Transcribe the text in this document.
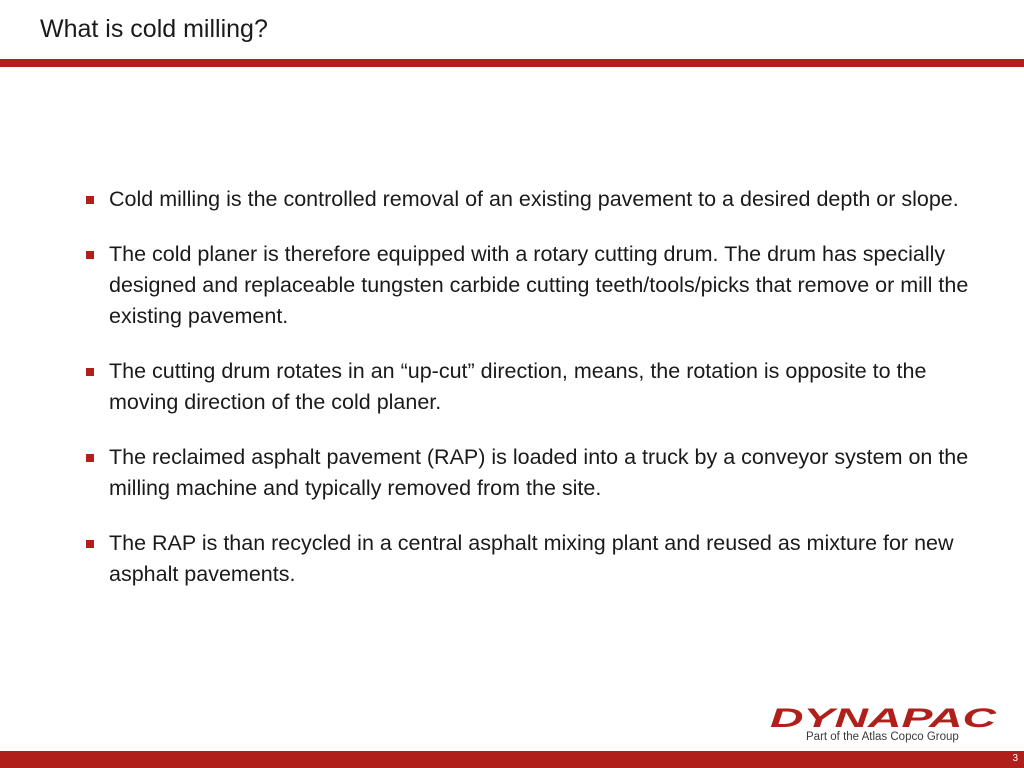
What is cold milling?
Cold milling is the controlled removal of an existing pavement to a desired depth or slope.
The cold planer is therefore equipped with a rotary cutting drum. The drum has specially designed and replaceable tungsten carbide cutting teeth/tools/picks that remove or mill the existing pavement.
The cutting drum rotates in an “up-cut” direction, means, the rotation is opposite to the moving direction of the cold planer.
The reclaimed asphalt pavement (RAP) is loaded into a truck by a conveyor system on the milling machine and typically removed from the site.
The RAP is than recycled in a central asphalt mixing plant and reused as mixture for new asphalt pavements.
DYNAPAC
Part of the Atlas Copco Group
3
